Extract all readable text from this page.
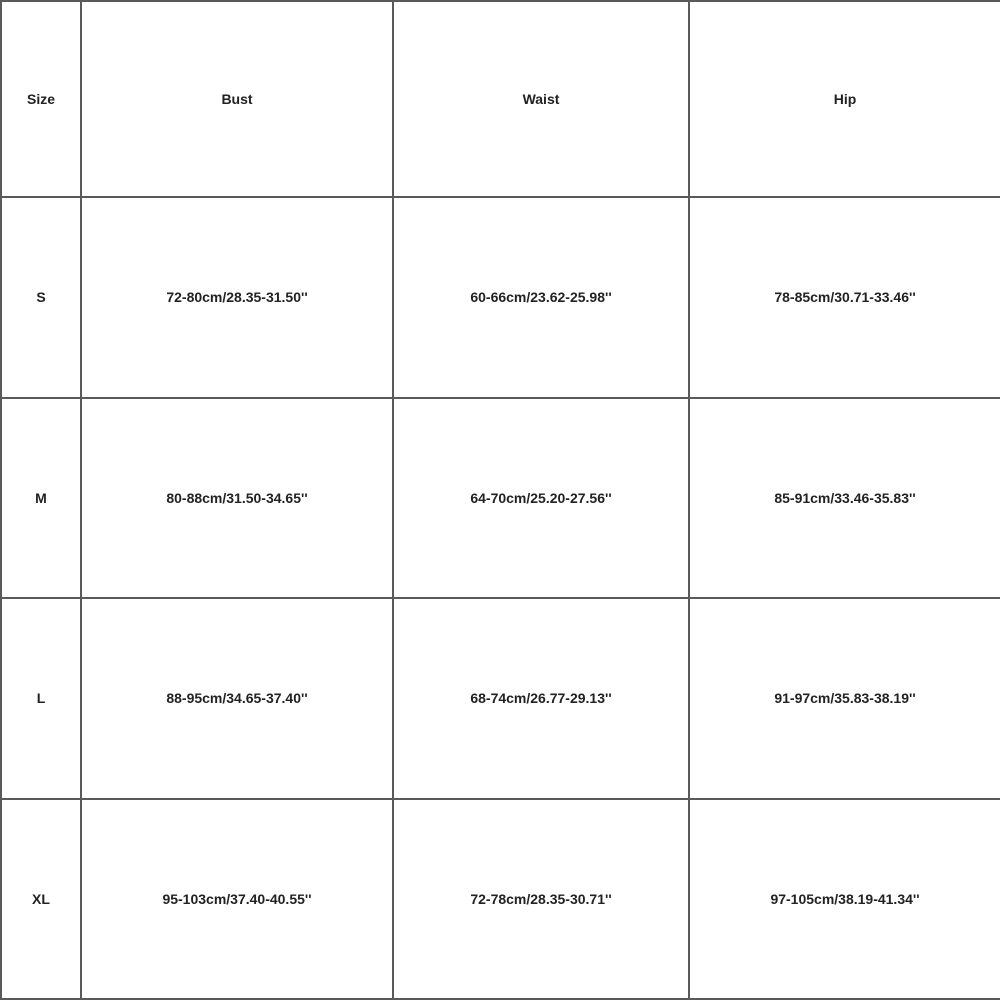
Size	Bust	Waist	Hip
S	72-80cm/28.35-31.50''	60-66cm/23.62-25.98''	78-85cm/30.71-33.46''
M	80-88cm/31.50-34.65''	64-70cm/25.20-27.56''	85-91cm/33.46-35.83''
L	88-95cm/34.65-37.40''	68-74cm/26.77-29.13''	91-97cm/35.83-38.19''
XL	95-103cm/37.40-40.55''	72-78cm/28.35-30.71''	97-105cm/38.19-41.34''
